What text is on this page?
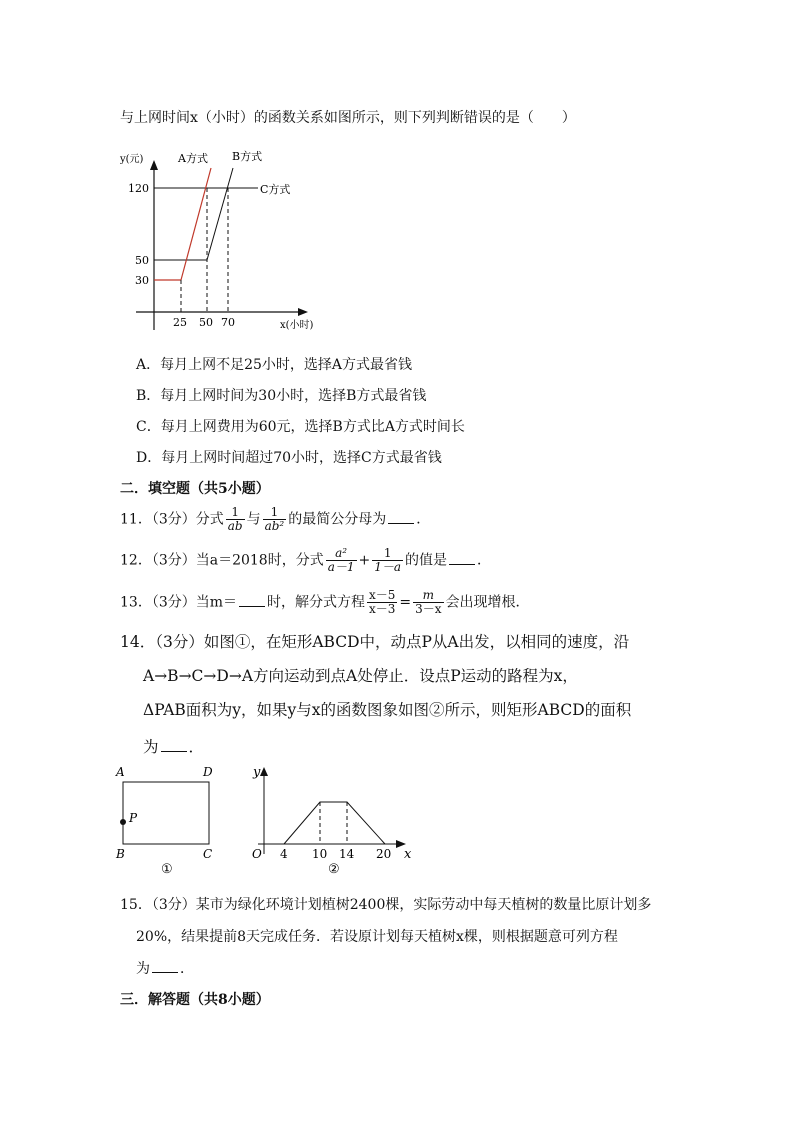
与上网时间x（小时）的函数关系如图所示，则下列判断错误的是（　　）
y(元)
x(小时)
120
50
30
25 50 70
A方式 B方式
C方式
A．每月上网不足25小时，选择A方式最省钱
B．每月上网时间为30小时，选择B方式最省钱
C．每月上网费用为60元，选择B方式比A方式时间长
D．每月上网时间超过70小时，选择C方式最省钱
二．填空题（共5小题）
11．（3分）分式 $\frac{1}{ab}$ 与 $\frac{1}{\text{ab²}}$ 的最简公分母为 ．
12．（3分）当a＝2018时，分式 $\frac{\text{a²}}{a-1} + \frac{1}{1-a}$ 的值是 ．
13．（3分）当m＝ 时，解分式方程 $\frac{x-5}{x-3} = \frac{m}{3-x}$ 会出现增根．
14．（3分）如图①，在矩形ABCD中，动点P从A出发，以相同的速度，沿
A→B→C→D→A方向运动到点A处停止．设点P运动的路程为x，
ΔPAB面积为y，如果y与x的函数图象如图②所示，则矩形ABCD的面积
为 ．
A	D
P
B	C
①
y
x
O 4 10 14 20
②
15．（3分）某市为绿化环境计划植树2400棵，实际劳动中每天植树的数量比原计划多
20%，结果提前8天完成任务．若设原计划每天植树x棵，则根据题意可列方程
为 ．
三．解答题（共8小题）
